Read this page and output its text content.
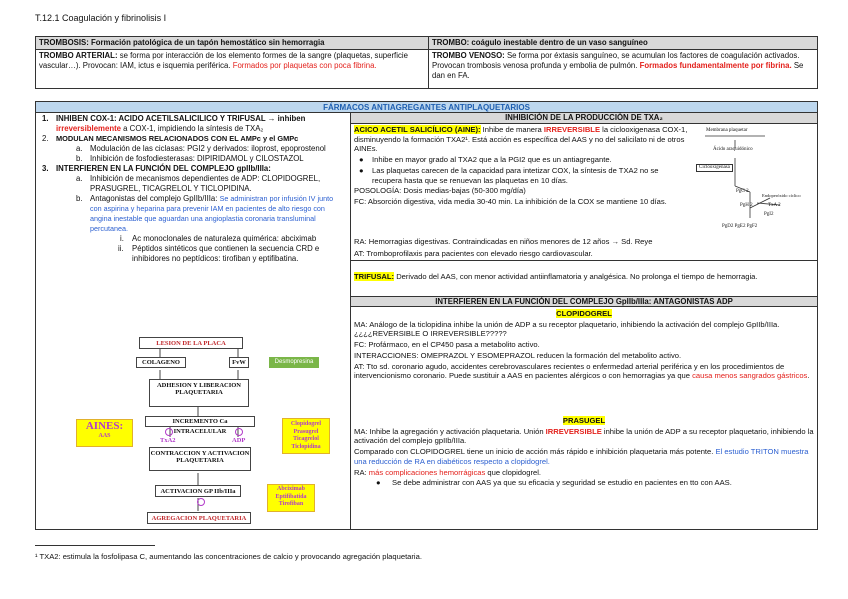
T.12.1 Coagulación y fibrinolisis I
TROMBOSIS: Formación patológica de un tapón hemostático sin hemorragia	TROMBO: coágulo inestable dentro de un vaso sanguíneo
TROMBO ARTERIAL: se forma por interacción de los elemento formes de la sangre (plaquetas, superficie vascular…). Provocan: IAM, ictus e isquemia periférica. Formados por plaquetas con poca fibrina.	TROMBO VENOSO: Se forma por éxtasis sanguíneo, se acumulan los factores de coagulación activados. Provocan trombosis venosa profunda y embolia de pulmón. Formados fundamentalmente por fibrina. Se dan en FA.
FÁRMACOS ANTIAGREGANTES ANTIPLAQUETARIOS
1. INHIBEN COX-1: ACIDO ACETILSALICILICO Y TRIFUSAL → inhiben irreversiblemente a COX-1, impidiendo la síntesis de TXA₂
2. MODULAN MECANISMOS RELACIONADOS CON EL AMPc y el GMPc
a. Modulación de las ciclasas: PGI2 y derivados: iloprost, epoprostenol
b. Inhibición de fosfodiesterasas: DIPIRIDAMOL y CILOSTAZOL
3. INTERFIEREN EN LA FUNCIÓN DEL COMPLEJO gpIIb/IIIa:
a. Inhibición de mecanismos dependientes de ADP: CLOPIDOGREL, PRASUGREL, TICAGRELOL Y TICLOPIDINA.
b. Antagonistas del complejo GpIIb/IIIa: Se administran por infusión IV junto con aspirina y heparina para prevenir IAM en pacientes de alto riesgo con angina inestable que aguardan una angioplastia coronaria transluminal percutanea.
i. Ac monoclonales de naturaleza quimérica: abciximab
ii. Péptidos sintéticos que contienen la secuencia CRD e inhibidores no peptídicos: tirofiban y eptifibatina.
LESION DE LA PLACA
COLAGENO	FvW	Desmopresina
ADHESION Y LIBERACION PLAQUETARIA
INCREMENTO Ca INTRACELULAR
TxA2	ADP
AINES:
AAS
Clopidogrel Prasugrel Ticagrelol Ticlopidina
CONTRACCION Y ACTIVACION PLAQUETARIA
ACTIVACION GP IIb/IIIa	Abciximab Eptifibatida Tirofiban
AGREGACION PLAQUETARIA
INHIBICIÓN DE LA PRODUCCIÓN DE TXA₂
ACICO ACETIL SALICÍLICO (AINE): Inhibe de manera IRREVERSIBLE la ciclooxigenasa COX-1, disminuyendo la formación TXA2¹. Está acción es específica del AAS y no del salicilato ni de otros AINEs.
● Inhibe en mayor grado al TXA2 que a la PGI2 que es un antiagregante.
● Las plaquetas carecen de la capacidad para intetizar COX, la síntesis de TXA2 no se recupera hasta que se renuevan las plaquetas en 10 días.
POSOLOGÍA: Dosis medias-bajas (50-300 mg/día)
FC: Absorción digestiva, vida media 30-40 min. La inhibición de la COX se mantiene 10 días.
RA: Hemorragias digestivas. Contraindicadas en niños menores de 12 años → Sd. Reye
AT: Tromboprofilaxis para pacientes con elevado riesgo cardiovascular.
TRIFUSAL: Derivado del AAS, con menor actividad antiinflamatoria y analgésica. No prolonga el tiempo de hemorragia.
Membrana plaquetar
Ácido araquidónico
Ciclooxigenasa
Endoperóxido cíclico
PgG 2
PgH 2	TxA 2
PgI2
PgD2 PgE2 PgF2
INTERFIEREN EN LA FUNCIÓN DEL COMPLEJO GpIIb/IIIa: ANTAGONISTAS ADP
CLOPIDOGREL
MA: Análogo de la ticlopidina inhibe la unión de ADP a su receptor plaquetario, inhibiendo la activación del complejo GpIIb/IIIa. ¿¿¿¿REVERSIBLE O IRREVERSIBLE?????
FC: Profármaco, en el CP450 pasa a metabolito activo.
INTERACCIONES: OMEPRAZOL Y ESOMEPRAZOL reducen la formación del metabolito activo.
AT: Tto sd. coronario agudo, accidentes cerebrovasculares recientes o enfermedad arterial periférica y en los procedimientos de intervencionismo coronario. Puede sustituir a AAS en pacientes alérgicos o con hemorragias ya que causa menos sangrados gástricos.
PRASUGEL
MA: Inhibe la agregación y activación plaquetaria. Unión IRREVERSIBLE inhibe la unión de ADP a su receptor plaquetario, inhibiendo la activación del complejo gpIIb/IIIa.
Comparado con CLOPIDOGREL tiene un inicio de acción más rápido e inhibición plaquetaria más potente. El estudio TRITON muestra una reducción de RA en diabéticos respecto a clopidogrel.
RA: más complicaciones hemorrágicas que clopidogrel.
● Se debe administrar con AAS ya que su eficacia y seguridad se estudio en pacientes en tto con AAS.
¹ TXA2: estimula la fosfolipasa C, aumentando las concentraciones de calcio y provocando agregación plaquetaria.
